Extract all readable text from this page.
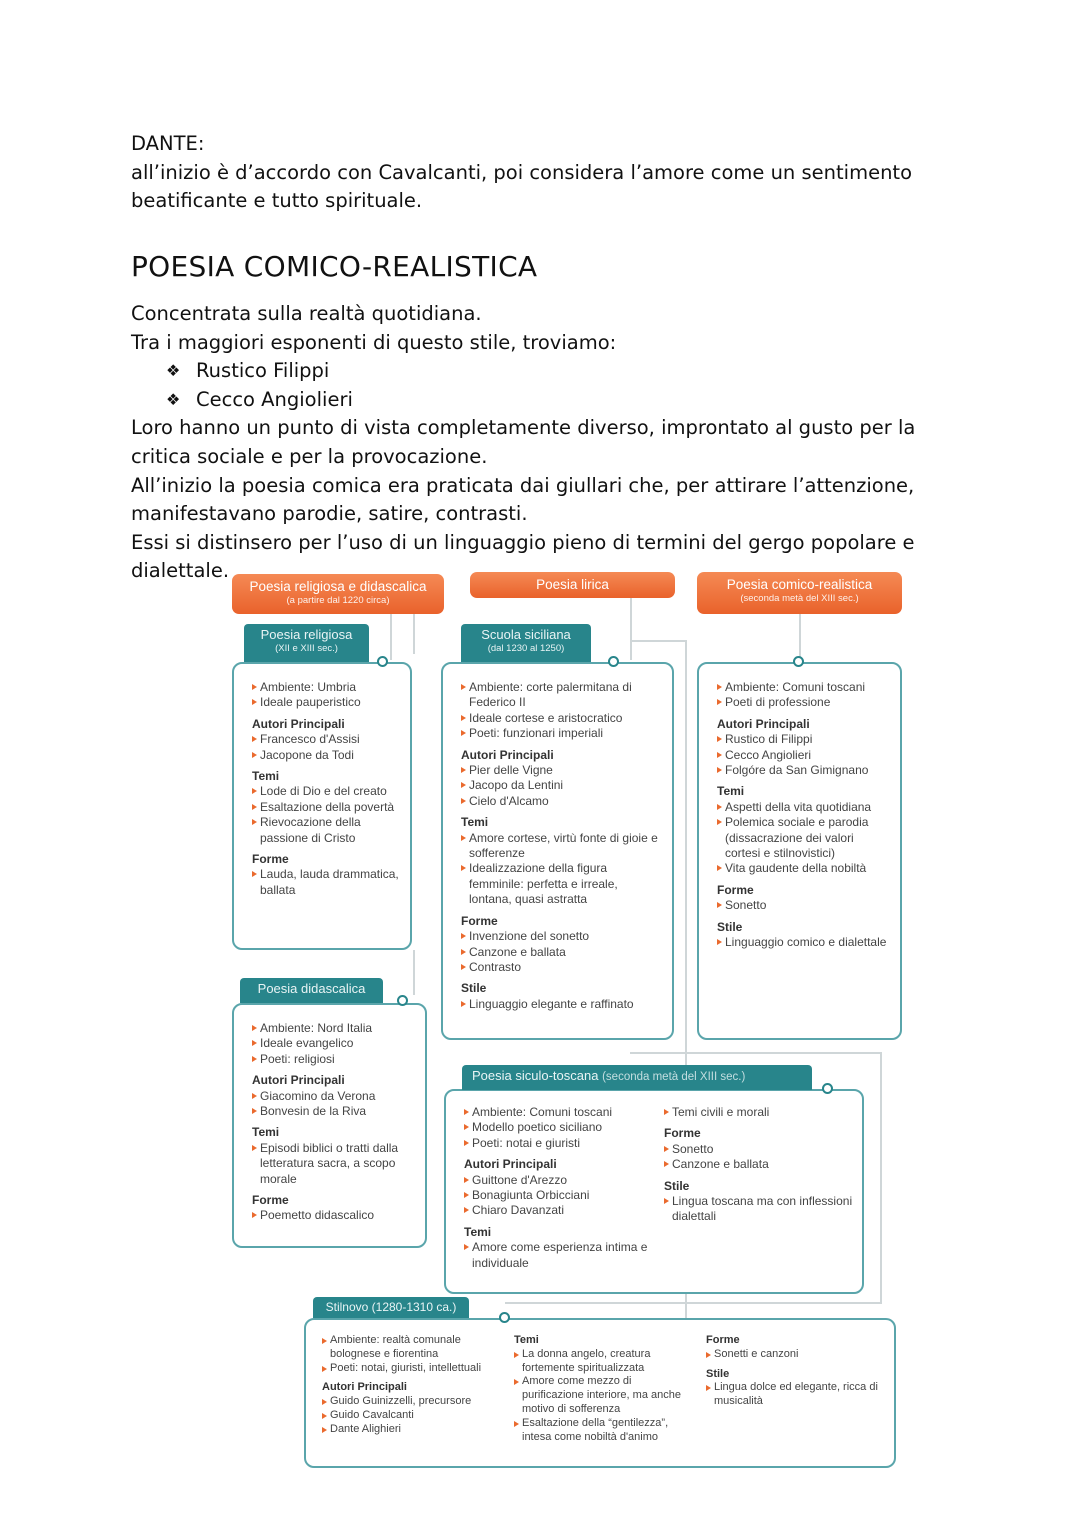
DANTE:
all’inizio è d’accordo con Cavalcanti, poi considera l’amore come un sentimento
beatificante e tutto spirituale.
POESIA COMICO-REALISTICA
Concentrata sulla realtà quotidiana.
Tra i maggiori esponenti di questo stile, troviamo:
❖ Rustico Filippi
❖ Cecco Angiolieri
Loro hanno un punto di vista completamente diverso, improntato al gusto per la
critica sociale e per la provocazione.
All’inizio la poesia comica era praticata dai giullari che, per attirare l’attenzione,
manifestavano parodie, satire, contrasti.
Essi si distinsero per l’uso di un linguaggio pieno di termini del gergo popolare e
dialettale.
Poesia religiosa e didascalica
(a partire dal 1220 circa)
Poesia lirica	Poesia comico-realistica
(seconda metà del XIII sec.)
Ambiente: Umbria
Ideale pauperistico
Autori Principali
Francesco d'Assisi
Jacopone da Todi
Temi
Lode di Dio e del creato
Esaltazione della povertà
Rievocazione della passione di Cristo
Forme
Lauda, lauda drammatica, ballata
Poesia religiosa
(XII e XIII sec.)
Ambiente: corte palermitana di Federico II
Ideale cortese e aristocratico
Poeti: funzionari imperiali
Autori Principali
Pier delle Vigne
Jacopo da Lentini
Cielo d'Alcamo
Temi
Amore cortese, virtù fonte di gioie e sofferenze
Idealizzazione della figura femminile: perfetta e irreale, lontana, quasi astratta
Forme
Invenzione del sonetto
Canzone e ballata
Contrasto
Stile
Linguaggio elegante e raffinato
Scuola siciliana
(dal 1230 al 1250)
Ambiente: Comuni toscani
Poeti di professione
Autori Principali
Rustico di Filippi
Cecco Angiolieri
Folgóre da San Gimignano
Temi
Aspetti della vita quotidiana
Polemica sociale e parodia (dissacrazione dei valori cortesi e stilnovistici)
Vita gaudente della nobiltà
Forme
Sonetto
Stile
Linguaggio comico e dialettale
Ambiente: Nord Italia
Ideale evangelico
Poeti: religiosi
Autori Principali
Giacomino da Verona
Bonvesin de la Riva
Temi
Episodi biblici o tratti dalla letteratura sacra, a scopo morale
Forme
Poemetto didascalico
Poesia didascalica
Ambiente: Comuni toscani
Modello poetico siciliano
Poeti: notai e giuristi
Autori Principali
Guittone d'Arezzo
Bonagiunta Orbicciani
Chiaro Davanzati
Temi
Amore come esperienza intima e individuale
Temi civili e morali
Forme
Sonetto
Canzone e ballata
Stile
Lingua toscana ma con inflessioni dialettali
Poesia siculo-toscana (seconda metà del XIII sec.)
Ambiente: realtà comunale bolognese e fiorentina
Poeti: notai, giuristi, intellettuali
Autori Principali
Guido Guinizzelli, precursore
Guido Cavalcanti
Dante Alighieri
Temi
La donna angelo, creatura fortemente spiritualizzata
Amore come mezzo di purificazione interiore, ma anche motivo di sofferenza
Esaltazione della “gentilezza”, intesa come nobiltà d'animo
Forme
Sonetti e canzoni
Stile
Lingua dolce ed elegante, ricca di musicalità
Stilnovo (1280-1310 ca.)
